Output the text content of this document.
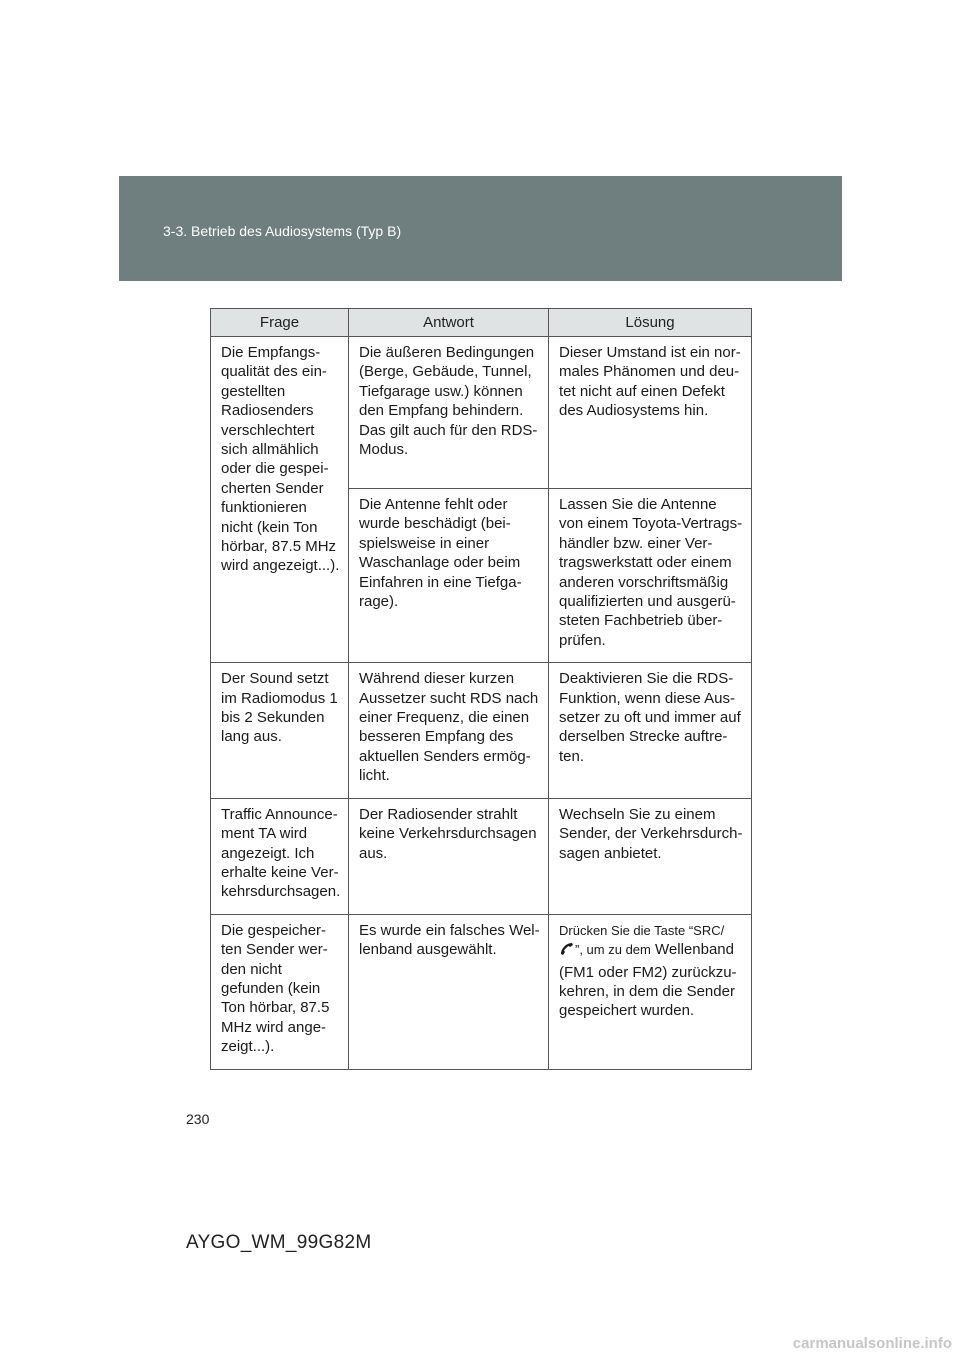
3-3. Betrieb des Audiosystems (Typ B)
Frage	Antwort	Lösung
Die Empfangs-qualität des ein-gestellten Radiosenders verschlechtert sich allmählich oder die gespei-cherten Sender funktionieren nicht (kein Ton hörbar, 87.5 MHz wird angezeigt...).	Die äußeren Bedingungen (Berge, Gebäude, Tunnel, Tiefgarage usw.) können den Empfang behindern. Das gilt auch für den RDS-Modus.	Dieser Umstand ist ein nor-males Phänomen und deu-tet nicht auf einen Defekt des Audiosystems hin.
	Die Antenne fehlt oder wurde beschädigt (bei-spielsweise in einer Waschanlage oder beim Einfahren in eine Tiefga-rage).	Lassen Sie die Antenne von einem Toyota-Vertrags-händler bzw. einer Ver-tragswerkstatt oder einem anderen vorschriftsmäßig qualifizierten und ausgerü-steten Fachbetrieb über-prüfen.
Der Sound setzt im Radiomodus 1 bis 2 Sekunden lang aus.	Während dieser kurzen Aussetzer sucht RDS nach einer Frequenz, die einen besseren Empfang des aktuellen Senders ermög-licht.	Deaktivieren Sie die RDS-Funktion, wenn diese Aus-setzer zu oft und immer auf derselben Strecke auftre-ten.
Traffic Announce-ment TA wird angezeigt. Ich erhalte keine Ver-kehrsdurchsagen.	Der Radiosender strahlt keine Verkehrsdurchsagen aus.	Wechseln Sie zu einem Sender, der Verkehrsdurch-sagen anbietet.
Die gespeicher-ten Sender wer-den nicht gefunden (kein Ton hörbar, 87.5 MHz wird ange-zeigt...).	Es wurde ein falsches Wel-lenband ausgewählt.	Drücken Sie die Taste “SRC/
”, um zu dem Wellenband (FM1 oder FM2) zurückzu-kehren, in dem die Sender gespeichert wurden.
230
AYGO_WM_99G82M
carmanualsonline.info
